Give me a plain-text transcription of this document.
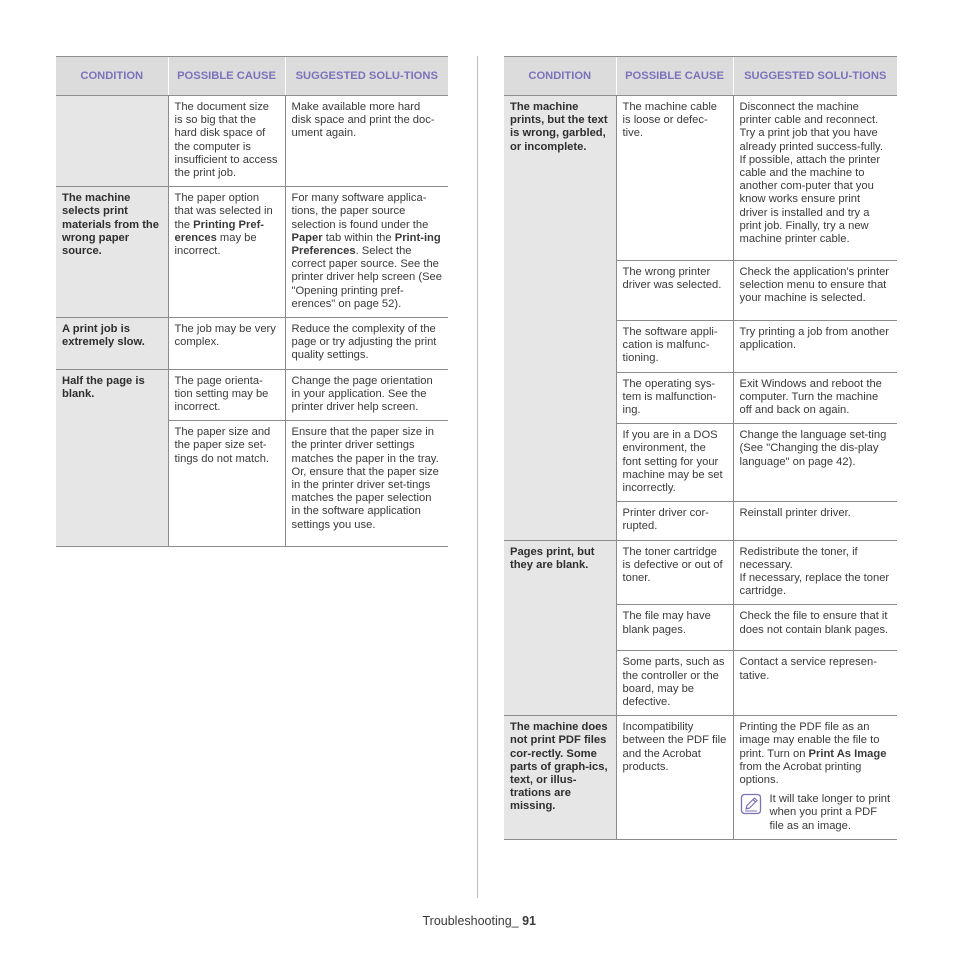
CONDITION	POSSIBLE CAUSE	SUGGESTED SOLU-TIONS
	The document size is so big that the hard disk space of the computer is insufficient to access the print job.	Make available more hard disk space and print the doc-ument again.
The machine selects print materials from the wrong paper source.	The paper option that was selected in the Printing Pref-erences may be incorrect.	For many software applica-tions, the paper source selection is found under the Paper tab within the Print-ing Preferences. Select the correct paper source. See the printer driver help screen (See "Opening printing pref-erences" on page 52).
A print job is extremely slow.	The job may be very complex.	Reduce the complexity of the page or try adjusting the print quality settings.
Half the page is blank.	The page orienta-tion setting may be incorrect.	Change the page orientation in your application. See the printer driver help screen.
	The paper size and the paper size set-tings do not match.	Ensure that the paper size in the printer driver settings matches the paper in the tray.
Or, ensure that the paper size in the printer driver set-tings matches the paper selection in the software application settings you use.
CONDITION	POSSIBLE CAUSE	SUGGESTED SOLU-TIONS
The machine prints, but the text is wrong, garbled, or incomplete.	The machine cable is loose or defec-tive.	Disconnect the machine printer cable and reconnect. Try a print job that you have already printed success-fully. If possible, attach the printer cable and the machine to another com-puter that you know works ensure print driver is installed and try a print job. Finally, try a new machine printer cable.
	The wrong printer driver was selected.	Check the application's printer selection menu to ensure that your machine is selected.
	The software appli-cation is malfunc-tioning.	Try printing a job from another application.
	The operating sys-tem is malfunction-ing.	Exit Windows and reboot the computer. Turn the machine off and back on again.
	If you are in a DOS environment, the font setting for your machine may be set incorrectly.	Change the language set-ting (See "Changing the dis-play language" on page 42).
	Printer driver cor-rupted.	Reinstall printer driver.
Pages print, but they are blank.	The toner cartridge is defective or out of toner.	Redistribute the toner, if necessary.
If necessary, replace the toner cartridge.

	The file may have blank pages.	Check the file to ensure that it does not contain blank pages.
	Some parts, such as the controller or the board, may be defective.	Contact a service represen-tative.
The machine does not print PDF files cor-rectly. Some parts of graph-ics, text, or illus-trations are missing.	Incompatibility between the PDF file and the Acrobat products.	Printing the PDF file as an image may enable the file to print. Turn on Print As Image from the Acrobat printing options.
It will take longer to print when you print a PDF file as an image.
Troubleshooting_ 91
